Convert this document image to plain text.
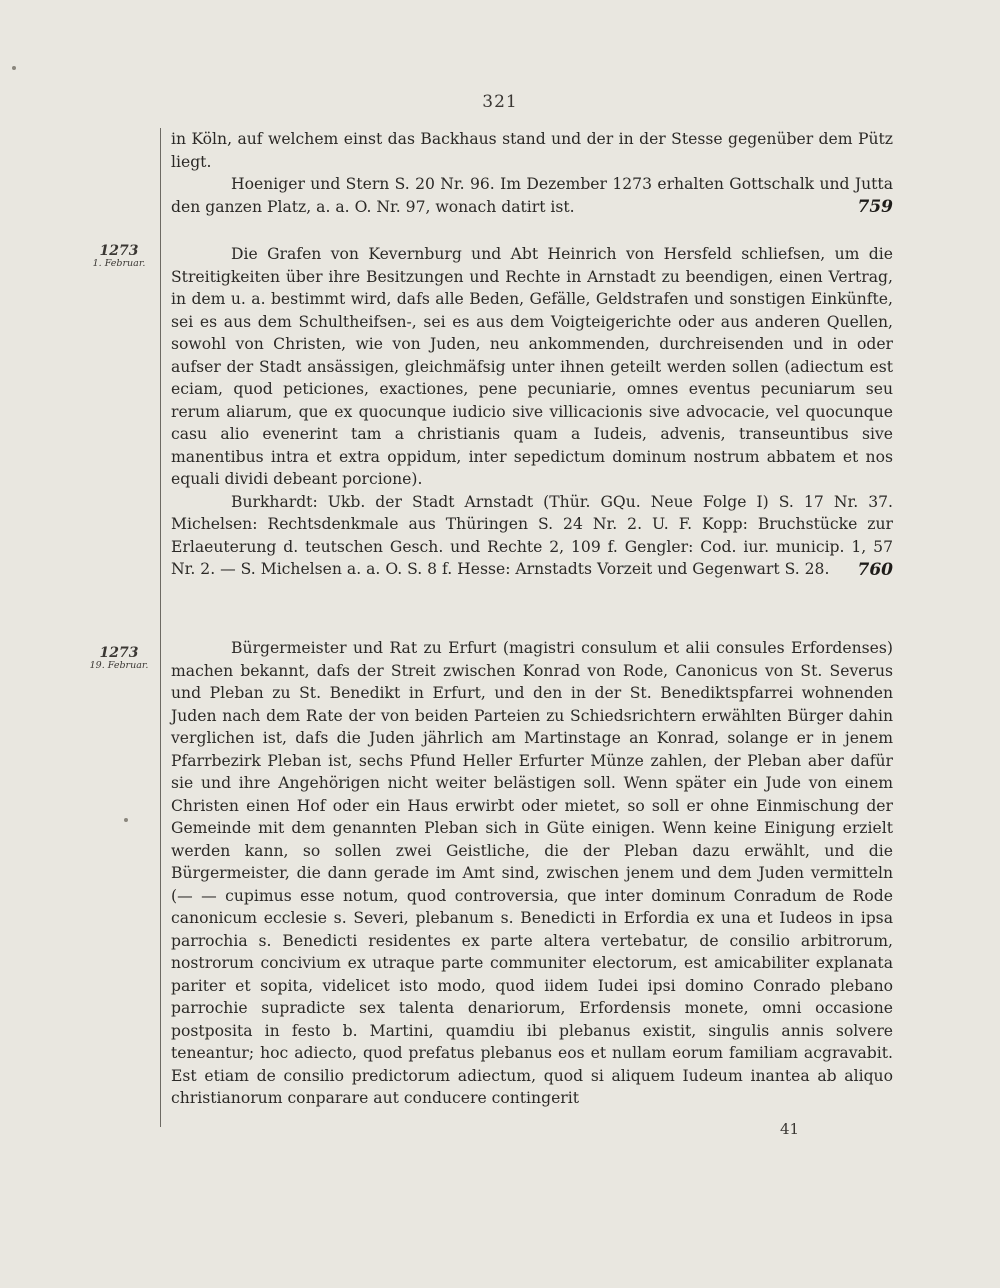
321

in Köln, auf welchem einst das Backhaus stand und der in der Stesse gegenüber dem Pütz liegt.

Hoeniger und Stern S. 20 Nr. 96. Im Dezember 1273 erhalten Gottschalk und Jutta den ganzen Platz, a. a. O. Nr. 97, wonach datirt ist.	759
1273
1. Februar.

Die Grafen von Kevernburg und Abt Heinrich von Hersfeld schliefsen, um die Streitigkeiten über ihre Besitzungen und Rechte in Arnstadt zu beendigen, einen Vertrag, in dem u. a. bestimmt wird, dafs alle Beden, Gefälle, Geldstrafen und sonstigen Einkünfte, sei es aus dem Schultheifsen-, sei es aus dem Voigteigerichte oder aus anderen Quellen, sowohl von Christen, wie von Juden, neu ankommenden, durchreisenden und in oder aufser der Stadt ansässigen, gleichmäfsig unter ihnen geteilt werden sollen (adiectum est eciam, quod peticiones, exactiones, pene pecuniarie, omnes eventus pecuniarum seu rerum aliarum, que ex quocunque iudicio sive villicacionis sive advocacie, vel quocunque casu alio evenerint tam a christianis quam a Iudeis, advenis, transeuntibus sive manentibus intra et extra oppidum, inter sepedictum dominum nostrum abbatem et nos equali dividi debeant porcione).

Burkhardt: Ukb. der Stadt Arnstadt (Thür. GQu. Neue Folge I) S. 17 Nr. 37. Michelsen: Rechtsdenkmale aus Thüringen S. 24 Nr. 2. U. F. Kopp: Bruchstücke zur Erlaeuterung d. teutschen Gesch. und Rechte 2, 109 f. Gengler: Cod. iur. municip. 1, 57 Nr. 2. — S. Michelsen a. a. O. S. 8 f. Hesse: Arnstadts Vorzeit und Gegenwart S. 28.	760
1273
19. Februar.

Bürgermeister und Rat zu Erfurt (magistri consulum et alii consules Erfordenses) machen bekannt, dafs der Streit zwischen Konrad von Rode, Canonicus von St. Severus und Pleban zu St. Benedikt in Erfurt, und den in der St. Benediktspfarrei wohnenden Juden nach dem Rate der von beiden Parteien zu Schiedsrichtern erwählten Bürger dahin verglichen ist, dafs die Juden jährlich am Martinstage an Konrad, solange er in jenem Pfarrbezirk Pleban ist, sechs Pfund Heller Erfurter Münze zahlen, der Pleban aber dafür sie und ihre Angehörigen nicht weiter belästigen soll. Wenn später ein Jude von einem Christen einen Hof oder ein Haus erwirbt oder mietet, so soll er ohne Einmischung der Gemeinde mit dem genannten Pleban sich in Güte einigen. Wenn keine Einigung erzielt werden kann, so sollen zwei Geistliche, die der Pleban dazu erwählt, und die Bürgermeister, die dann gerade im Amt sind, zwischen jenem und dem Juden vermitteln (— — cupimus esse notum, quod controversia, que inter dominum Conradum de Rode canonicum ecclesie s. Severi, plebanum s. Benedicti in Erfordia ex una et Iudeos in ipsa parrochia s. Benedicti residentes ex parte altera vertebatur, de consilio arbitrorum, nostrorum concivium ex utraque parte communiter electorum, est amicabiliter explanata pariter et sopita, videlicet isto modo, quod iidem Iudei ipsi domino Conrado plebano parrochie supradicte sex talenta denariorum, Erfordensis monete, omni occasione postposita in festo b. Martini, quamdiu ibi plebanus existit, singulis annis solvere teneantur; hoc adiecto, quod prefatus plebanus eos et nullam eorum familiam acgravabit. Est etiam de consilio predictorum adiectum, quod si aliquem Iudeum inantea ab aliquo christianorum conparare aut conducere contingerit

41
